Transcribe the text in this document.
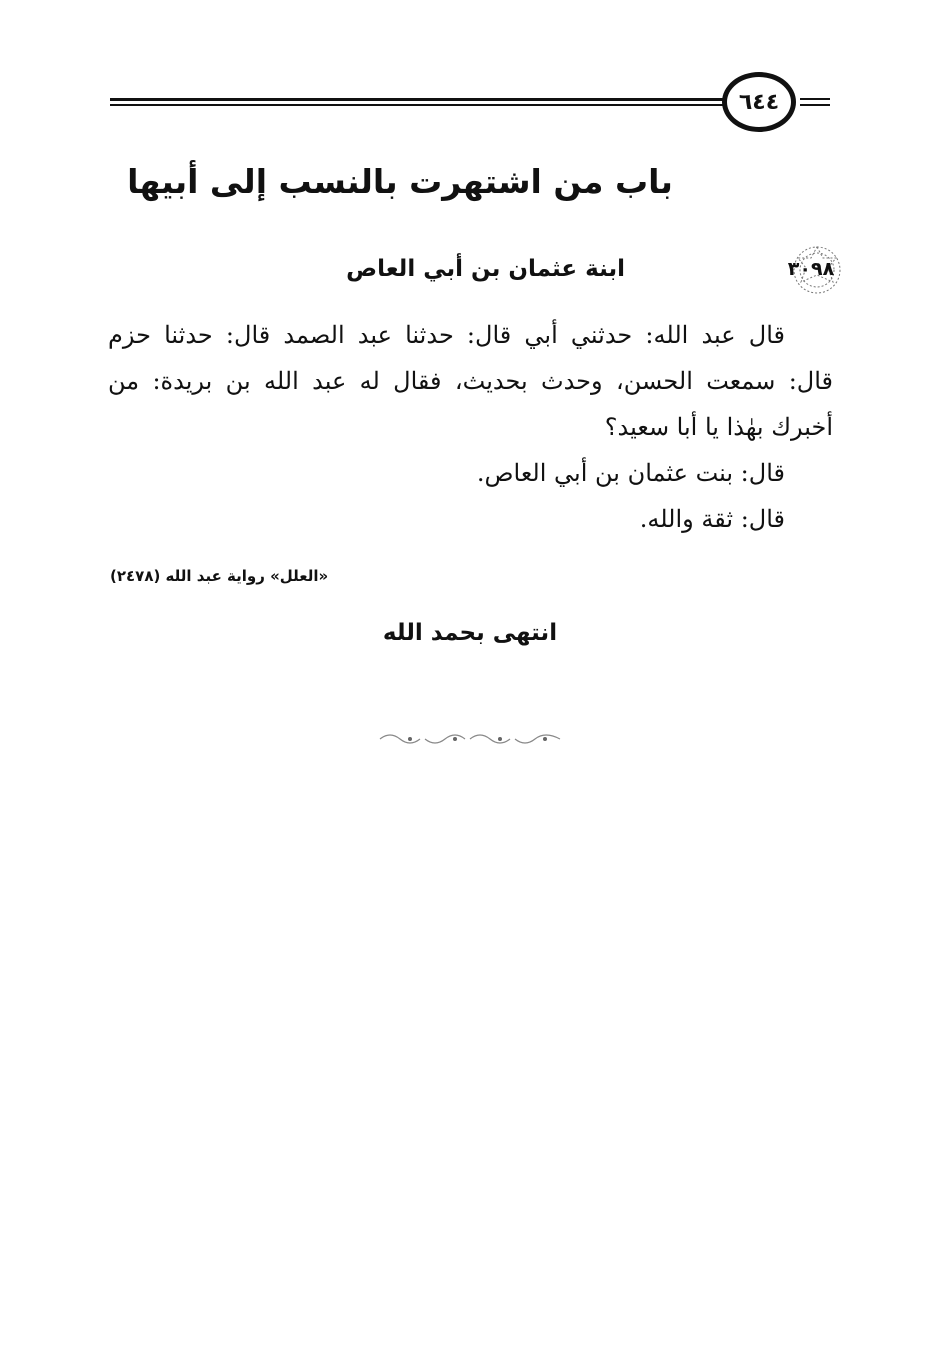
٦٤٤
باب من اشتهرت بالنسب إلى أبيها
٣٠٩٨
ابنة عثمان بن أبي العاص

قال عبد الله: حدثني أبي قال: حدثنا عبد الصمد قال: حدثنا حزم

قال: سمعت الحسن، وحدث بحديث، فقال له عبد الله بن بريدة: من

أخبرك بهٰذا يا أبا سعيد؟

قال: بنت عثمان بن أبي العاص.

قال: ثقة والله.

«العلل» رواية عبد الله (٢٤٧٨)
انتهى بحمد الله
